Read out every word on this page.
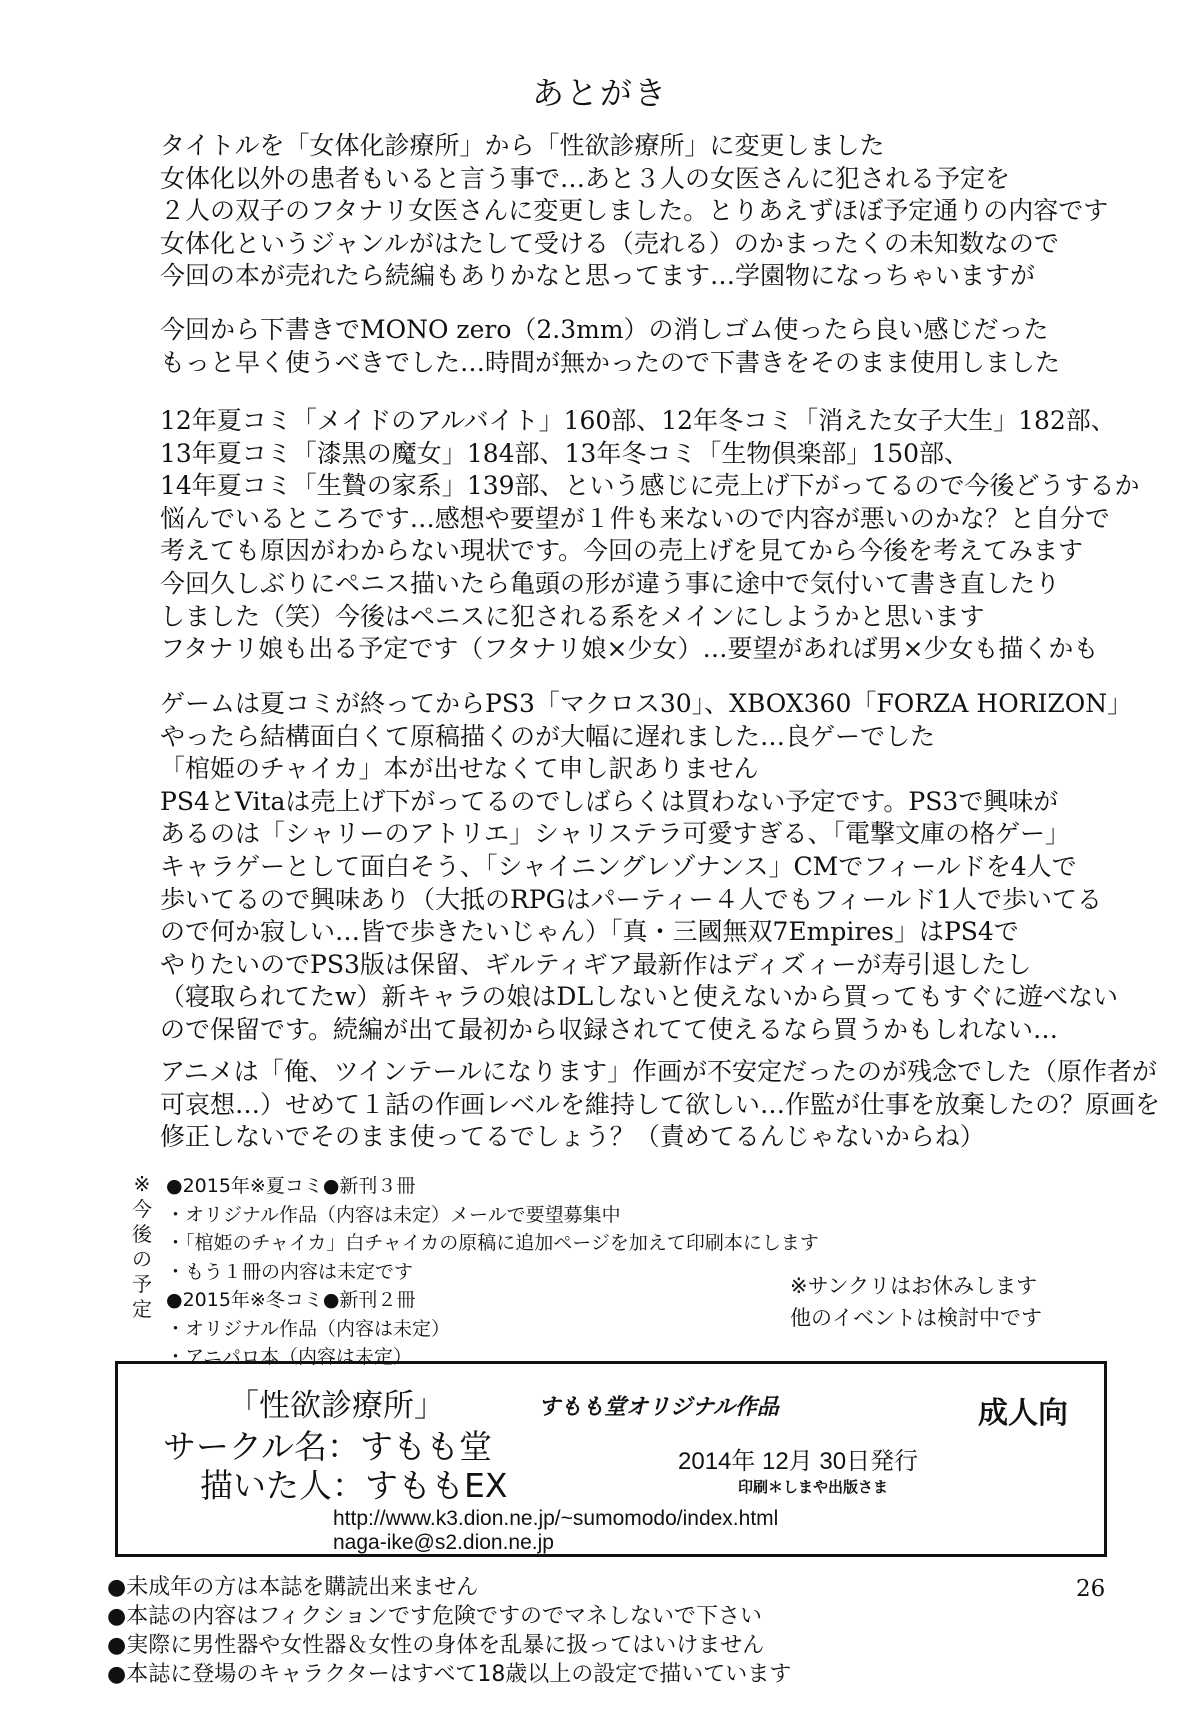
あとがき
タイトルを「女体化診療所」から「性欲診療所」に変更しました
女体化以外の患者もいると言う事で…あと３人の女医さんに犯される予定を
２人の双子のフタナリ女医さんに変更しました。とりあえずほぼ予定通りの内容です
女体化というジャンルがはたして受ける（売れる）のかまったくの未知数なので
今回の本が売れたら続編もありかなと思ってます…学園物になっちゃいますが
今回から下書きでMONO zero（2.3mm）の消しゴム使ったら良い感じだった
もっと早く使うべきでした…時間が無かったので下書きをそのまま使用しました
12年夏コミ「メイドのアルバイト」160部、12年冬コミ「消えた女子大生」182部、
13年夏コミ「漆黒の魔女」184部、13年冬コミ「生物倶楽部」150部、
14年夏コミ「生贄の家系」139部、という感じに売上げ下がってるので今後どうするか
悩んでいるところです…感想や要望が１件も来ないので内容が悪いのかな？と自分で
考えても原因がわからない現状です。今回の売上げを見てから今後を考えてみます
今回久しぶりにペニス描いたら亀頭の形が違う事に途中で気付いて書き直したり
しました（笑）今後はペニスに犯される系をメインにしようかと思います
フタナリ娘も出る予定です（フタナリ娘×少女）…要望があれば男×少女も描くかも
ゲームは夏コミが終ってからPS3「マクロス30」、XBOX360「FORZA HORIZON」
やったら結構面白くて原稿描くのが大幅に遅れました…良ゲーでした
「棺姫のチャイカ」本が出せなくて申し訳ありません
PS4とVitaは売上げ下がってるのでしばらくは買わない予定です。PS3で興味が
あるのは「シャリーのアトリエ」シャリステラ可愛すぎる、「電撃文庫の格ゲー」
キャラゲーとして面白そう、「シャイニングレゾナンス」CMでフィールドを4人で
歩いてるので興味あり（大抵のRPGはパーティー４人でもフィールド1人で歩いてる
ので何か寂しい…皆で歩きたいじゃん）「真・三國無双7Empires」はPS4で
やりたいのでPS3版は保留、ギルティギア最新作はディズィーが寿引退したし
（寝取られてたw）新キャラの娘はDLしないと使えないから買ってもすぐに遊べない
ので保留です。続編が出て最初から収録されてて使えるなら買うかもしれない…
アニメは「俺、ツインテールになります」作画が不安定だったのが残念でした（原作者が
可哀想…）せめて１話の作画レベルを維持して欲しい…作監が仕事を放棄したの？原画を
修正しないでそのまま使ってるでしょう？（責めてるんじゃないからね）
※
今
後
の
予
定
●2015年※夏コミ●新刊３冊
・オリジナル作品（内容は未定）メールで要望募集中
・「棺姫のチャイカ」白チャイカの原稿に追加ページを加えて印刷本にします
・もう１冊の内容は未定です
●2015年※冬コミ●新刊２冊
・オリジナル作品（内容は未定）
・アニパロ本（内容は未定）
※サンクリはお休みします
他のイベントは検討中です
「性欲診療所」	すもも堂オリジナル作品	成人向
サークル名：すもも堂
描いた人：すももEX
2014年 12月 30日発行
印刷＊しまや出版さま
http://www.k3.dion.ne.jp/~sumomodo/index.html
naga-ike@s2.dion.ne.jp
●未成年の方は本誌を購読出来ません
●本誌の内容はフィクションです危険ですのでマネしないで下さい
●実際に男性器や女性器＆女性の身体を乱暴に扱ってはいけません
●本誌に登場のキャラクターはすべて18歳以上の設定で描いています
26
